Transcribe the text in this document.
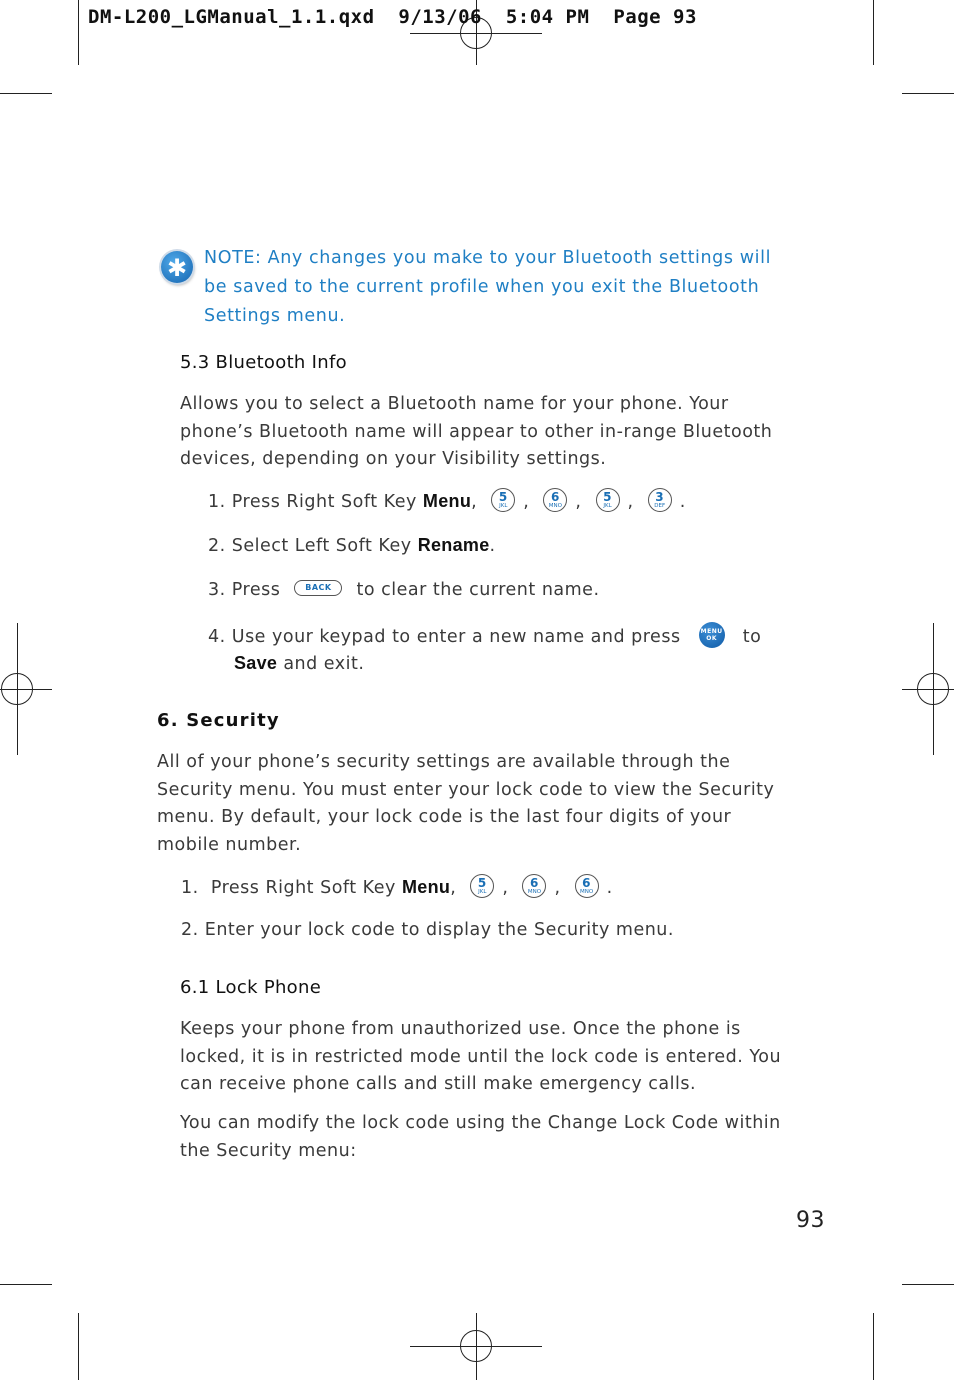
DM-L200_LGManual_1.1.qxd  9/13/06  5:04 PM  Page 93
✱ NOTE: Any changes you make to your Bluetooth settings will
be saved to the current profile when you exit the Bluetooth
Settings menu.
5.3 Bluetooth Info
Allows you to select a Bluetooth name for your phone. Your
phone’s Bluetooth name will appear to other in-range Bluetooth
devices, depending on your Visibility settings.
1. Press Right Soft Key Menu,	5
JKL ,	6
MNO ,	5
JKL ,	3
DEF .
2. Select Left Soft Key Rename.
3. Press	BACK to clear the current name.
4. Use your keypad to enter a new name and press	MENU
OK to
Save and exit.
6. Security
All of your phone’s security settings are available through the
Security menu. You must enter your lock code to view the Security
menu. By default, your lock code is the last four digits of your
mobile number.
1.  Press Right Soft Key Menu,	5
JKL ,	6
MNO ,	6
MNO .
2. Enter your lock code to display the Security menu.
6.1 Lock Phone
Keeps your phone from unauthorized use. Once the phone is
locked, it is in restricted mode until the lock code is entered. You
can receive phone calls and still make emergency calls.
You can modify the lock code using the Change Lock Code within
the Security menu:
93
